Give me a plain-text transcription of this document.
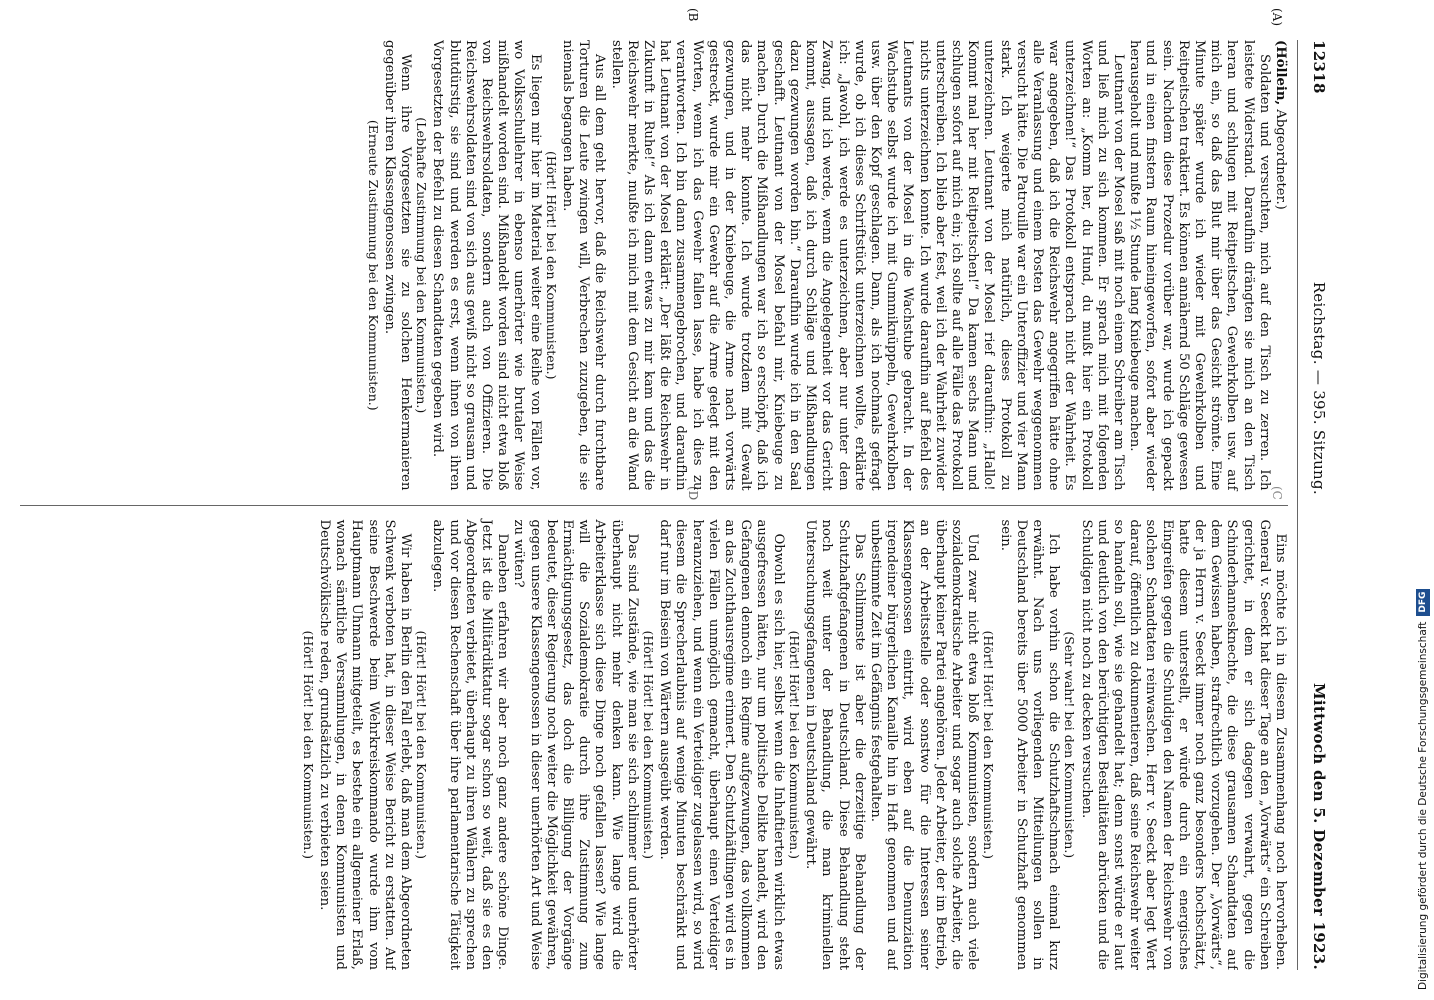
12318
Reichstag. — 395. Sitzung.
Mittwoch den 5. Dezember 1923.
(A)
(B
(D	(C

(Höllein, Abgeordneter.)

Soldaten und versuchten, mich auf den Tisch zu zerren. Ich leistete Widerstand. Daraufhin drängten sie mich an den Tisch heran und schlugen mit Reitpeitschen, Gewehrkolben usw. auf mich ein, so daß das Blut mir über das Gesicht strömte. Eine Minute später wurde ich wieder mit Gewehrkolben und Reitpeitschen traktiert. Es können annähernd 50 Schläge gewesen sein. Nachdem diese Prozedur vorüber war, wurde ich gepackt und in einen finstern Raum hineingeworfen, sofort aber wieder herausgeholt und mußte 1½ Stunde lang Kniebeuge machen.

Leutnant von der Mosel saß mit noch einem Schreiber am Tisch und ließ mich zu sich kommen. Er sprach mich mit folgenden Worten an: „Komm her, du Hund, du mußt hier ein Protokoll unterzeichnen!“ Das Protokoll entsprach nicht der Wahrheit. Es war angegeben, daß ich die Reichswehr angegriffen hätte ohne alle Veranlassung und einem Posten das Gewehr weggenommen versucht hätte. Die Patrouille war ein Unteroffizier und vier Mann stark. Ich weigerte mich natürlich, dieses Protokoll zu unterzeichnen. Leutnant von der Mosel rief daraufhin: „Hallo! Kommt mal her mit Reitpeitschen!“ Da kamen sechs Mann und schlugen sofort auf mich ein; ich sollte auf alle Fälle das Protokoll unterschreiben. Ich blieb aber fest, weil ich der Wahrheit zuwider nichts unterzeichnen konnte. Ich wurde daraufhin auf Befehl des Leutnants von der Mosel in die Wachstube gebracht. In der Wachstube selbst wurde ich mit Gummiknüppeln, Gewehrkolben usw. über den Kopf geschlagen. Dann, als ich nochmals gefragt wurde, ob ich dieses Schriftstück unterzeichnen wollte, erklärte ich: „Jawohl, ich werde es unterzeichnen, aber nur unter dem Zwang, und ich werde, wenn die Angelegenheit vor das Gericht kommt, aussagen, daß ich durch Schläge und Mißhandlungen dazu gezwungen worden bin.“ Daraufhin wurde ich in den Saal geschafft. Leutnant von der Mosel befahl mir, Kniebeuge zu machen. Durch die Mißhandlungen war ich so erschöpft, daß ich das nicht mehr konnte. Ich wurde trotzdem mit Gewalt gezwungen, und in der Kniebeuge, die Arme nach vorwärts gestreckt, wurde mir ein Gewehr auf die Arme gelegt mit den Worten, wenn ich das Gewehr fallen lasse, habe ich dies zu verantworten. Ich bin dann zusammengebrochen, und daraufhin hat Leutnant von der Mosel erklärt: „Der läßt die Reichswehr in Zukunft in Ruhe!“ Als ich dann etwas zu mir kam und das die Reichswehr merkte, mußte ich mich mit dem Gesicht an die Wand stellen.

Aus all dem geht hervor, daß die Reichswehr durch furchtbare Torturen die Leute zwingen will, Verbrechen zuzugeben, die sie niemals begangen haben.

(Hört! Hört! bei den Kommunisten.)

Es liegen mir hier im Material weiter eine Reihe von Fällen vor, wo Volksschullehrer in ebenso unerhörter wie brutaler Weise mißhandelt worden sind. Mißhandelt worden sind nicht etwa bloß von Reichswehrsoldaten, sondern auch von Offizieren. Die Reichswehrsoldaten sind von sich aus gewiß nicht so grausam und blutdürstig, sie sind und werden es erst, wenn ihnen von ihren Vorgesetzten der Befehl zu diesen Schandtaten gegeben wird.

(Lebhafte Zustimmung bei den Kommunisten.)

Wenn ihre Vorgesetzten sie zu solchen Henkermanieren gegenüber ihren Klassengenossen zwingen.

(Erneute Zustimmung bei den Kommunisten.)

Eins möchte ich in diesem Zusammenhang noch hervorheben. General v. Seeckt hat dieser Tage an den „Vorwärts“ ein Schreiben gerichtet, in dem er sich dagegen verwahrt, gegen die Schinderhannesknechte, die diese grausamen Schandtaten auf dem Gewissen haben, strafrechtlich vorzugehen. Der „Vorwärts“, der ja Herrn v. Seeckt immer noch ganz besonders hochschätzt, hatte diesem unterstellt, er würde durch ein energisches Eingreifen gegen die Schuldigen den Namen der Reichswehr von solchen Schandtaten reinwaschen. Herr v. Seeckt aber legt Wert darauf, öffentlich zu dokumentieren, daß seine Reichswehr weiter so handeln soll, wie sie gehandelt hat; denn sonst würde er laut und deutlich von den berüchtigten Bestialitäten abrücken und die Schuldigen nicht noch zu decken versuchen.

(Sehr wahr! bei den Kommunisten.)

Ich habe vorhin schon die Schutzhaftschmach einmal kurz erwähnt. Nach uns vorliegenden Mitteilungen sollen in Deutschland bereits über 5000 Arbeiter in Schutzhaft genommen sein.

(Hört! Hört! bei den Kommunisten.)

Und zwar nicht etwa bloß Kommunisten, sondern auch viele sozialdemokratische Arbeiter und sogar auch solche Arbeiter, die überhaupt keiner Partei angehören. Jeder Arbeiter, der im Betrieb, an der Arbeitsstelle oder sonstwo für die Interessen seiner Klassengenossen eintritt, wird eben auf die Denunziation irgendeiner bürgerlichen Kanaille hin in Haft genommen und auf unbestimmte Zeit im Gefängnis festgehalten.

Das Schlimmste ist aber die derzeitige Behandlung der Schutzhaftgefangenen in Deutschland. Diese Behandlung steht noch weit unter der Behandlung, die man kriminellen Untersuchungsgefangenen in Deutschland gewährt.

(Hört! Hört! bei den Kommunisten.)

Obwohl es sich hier, selbst wenn die Inhaftierten wirklich etwas ausgefressen hätten, nur um politische Delikte handelt, wird den Gefangenen dennoch ein Regime aufgezwungen, das vollkommen an das Zuchthausregime erinnert. Den Schutzhäftlingen wird es in vielen Fällen unmöglich gemacht, überhaupt einen Verteidiger heranzuziehen, und wenn ein Verteidiger zugelassen wird, so wird diesem die Sprecherlaubnis auf wenige Minuten beschränkt und darf nur im Beisein von Wärtern ausgeübt werden.

(Hört! Hört! bei den Kommunisten.)

Das sind Zustände, wie man sie sich schlimmer und unerhörter überhaupt nicht mehr denken kann. Wie lange wird die Arbeiterklasse sich diese Dinge noch gefallen lassen? Wie lange will die Sozialdemokratie durch ihre Zustimmung zum Ermächtigungsgesetz, das doch die Billigung der Vorgänge bedeutet, dieser Regierung noch weiter die Möglichkeit gewähren, gegen unsere Klassengenossen in dieser unerhörten Art und Weise zu wüten?

Daneben erfahren wir aber noch ganz andere schöne Dinge. Jetzt ist die Militärdiktatur sogar schon so weit, daß sie es den Abgeordneten verbietet, überhaupt zu ihren Wählern zu sprechen und vor diesen Rechenschaft über ihre parlamentarische Tätigkeit abzulegen.

(Hört! Hört! bei den Kommunisten.)

Wir haben in Berlin den Fall erlebt, daß man dem Abgeordneten Schwenk verboten hat, in dieser Weise Bericht zu erstatten. Auf seine Beschwerde beim Wehrkreiskommando wurde ihm vom Hauptmann Uhmann mitgeteilt, es bestehe ein allgemeiner Erlaß, wonach sämtliche Versammlungen, in denen Kommunisten und Deutschvölkische reden, grundsätzlich zu verbieten seien.

(Hört! Hört! bei den Kommunisten.)	Digitalisierung gefördert durch die Deutsche Forschungsgemeinschaft
DFG
